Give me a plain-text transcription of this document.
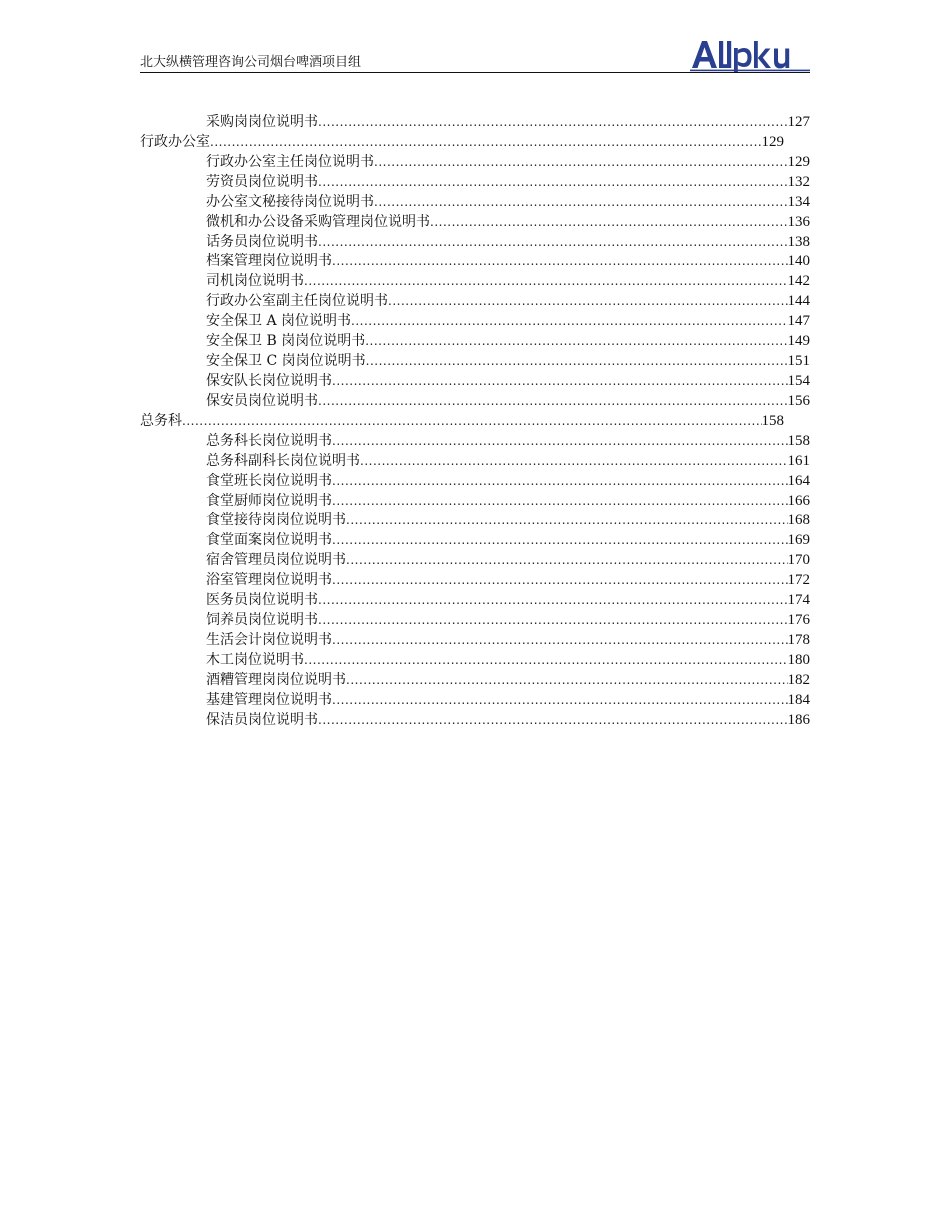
北大纵横管理咨询公司烟台啤酒项目组
采购岗岗位说明书 .....	127
行政办公室 .....	129
行政办公室主任岗位说明书 .....	129
劳资员岗位说明书 .....	132
办公室文秘接待岗位说明书 .....	134
微机和办公设备采购管理岗位说明书 .....	136
话务员岗位说明书 .....	138
档案管理岗位说明书 .....	140
司机岗位说明书 .....	142
行政办公室副主任岗位说明书 .....	144
安全保卫 A 岗位说明书 .....	147
安全保卫 B 岗岗位说明书 .....	149
安全保卫 C 岗岗位说明书 .....	151
保安队长岗位说明书 .....	154
保安员岗位说明书 .....	156
总务科 .....	158
总务科长岗位说明书 .....	158
总务科副科长岗位说明书 .....	161
食堂班长岗位说明书 .....	164
食堂厨师岗位说明书 .....	166
食堂接待岗岗位说明书 .....	168
食堂面案岗位说明书 .....	169
宿舍管理员岗位说明书 .....	170
浴室管理岗位说明书 .....	172
医务员岗位说明书 .....	174
饲养员岗位说明书 .....	176
生活会计岗位说明书 .....	178
木工岗位说明书 .....	180
酒糟管理岗岗位说明书 .....	182
基建管理岗位说明书 .....	184
保洁员岗位说明书 .....	186
